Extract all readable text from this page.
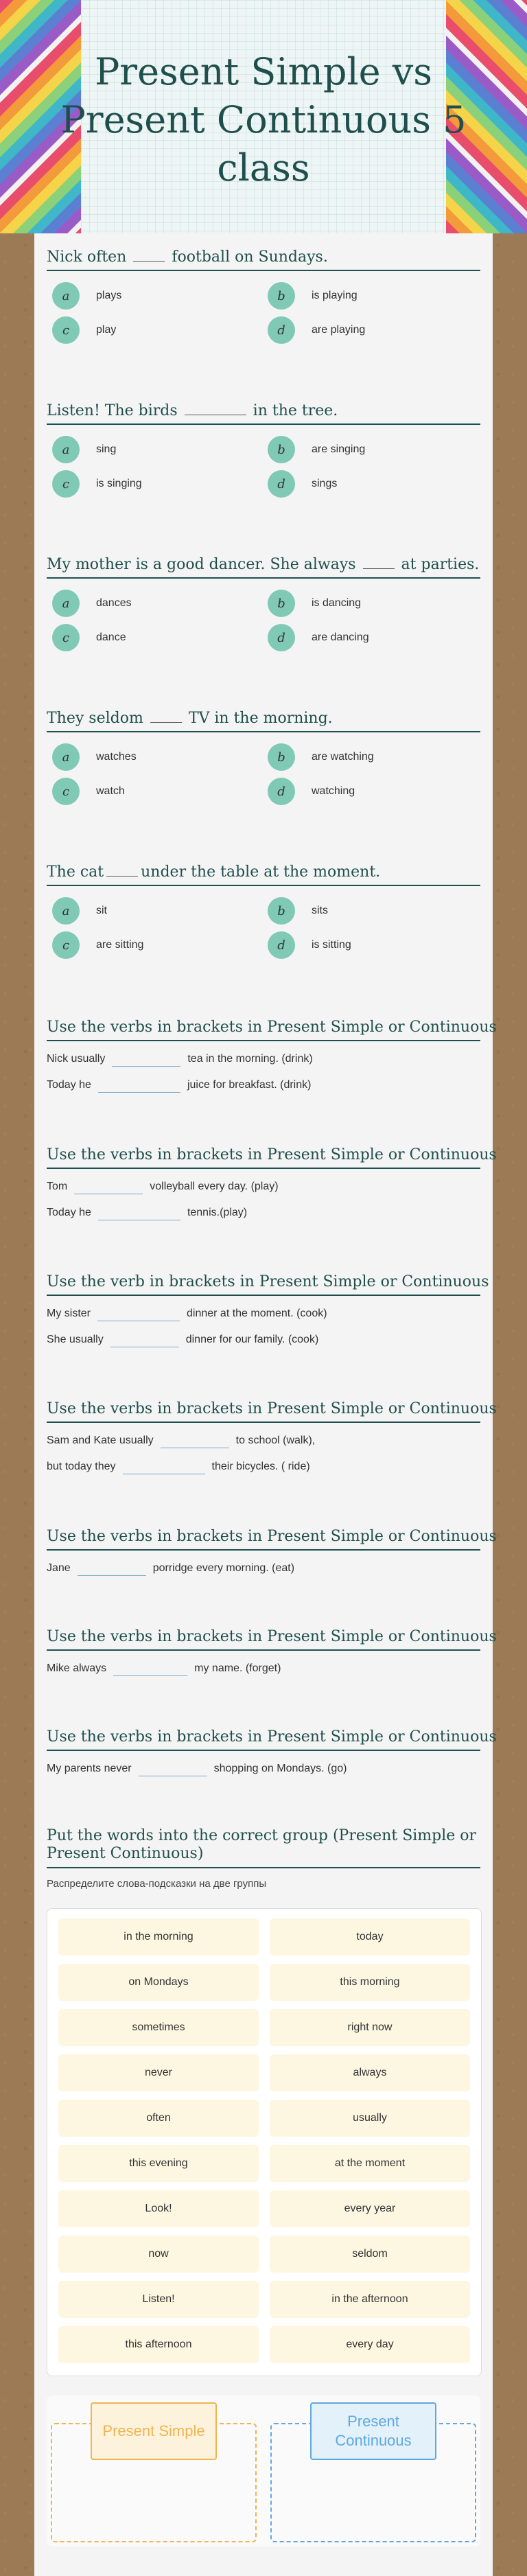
Present Simple vs Present Continuous 5 class

Nick often	football on Sundays.

a	plays	b	is playing
c	play	d	are playing

Listen! The birds	in the tree.

a	sing	b	are singing
c	is singing	d	sings

My mother is a good dancer. She always	at parties.

a	dances	b	is dancing
c	dance	d	are dancing

They seldom	TV in the morning.

a	watches	b	are watching
c	watch	d	watching

The cat under the table at the moment.

a	sit	b	sits
c	are sitting	d	is sitting

Use the verbs in brackets in Present Simple or Continuous

Nick usually	tea in the morning. (drink)
Today he	juice for breakfast. (drink)

Use the verbs in brackets in Present Simple or Continuous

Tom	volleyball every day. (play)
Today he	tennis.(play)

Use the verb in brackets in Present Simple or Continuous

My sister	dinner at the moment. (cook)
She usually	dinner for our family. (cook)

Use the verbs in brackets in Present Simple or Continuous

Sam and Kate usually	to school (walk),
but today they	their bicycles. ( ride)

Use the verbs in brackets in Present Simple or Continuous

Jane	porridge every morning. (eat)

Use the verbs in brackets in Present Simple or Continuous

Mike always	my name. (forget)

Use the verbs in brackets in Present Simple or Continuous

My parents never	shopping on Mondays. (go)

Put the words into the correct group (Present Simple or Present Continuous)

Распределите слова-подсказки на две группы
in the morning	today
on Mondays	this morning
sometimes	right now
never	always
often	usually
this evening	at the moment
Look!	every year
now	seldom
Listen!	in the afternoon
this afternoon	every day
Present Simple
Present Continuous
